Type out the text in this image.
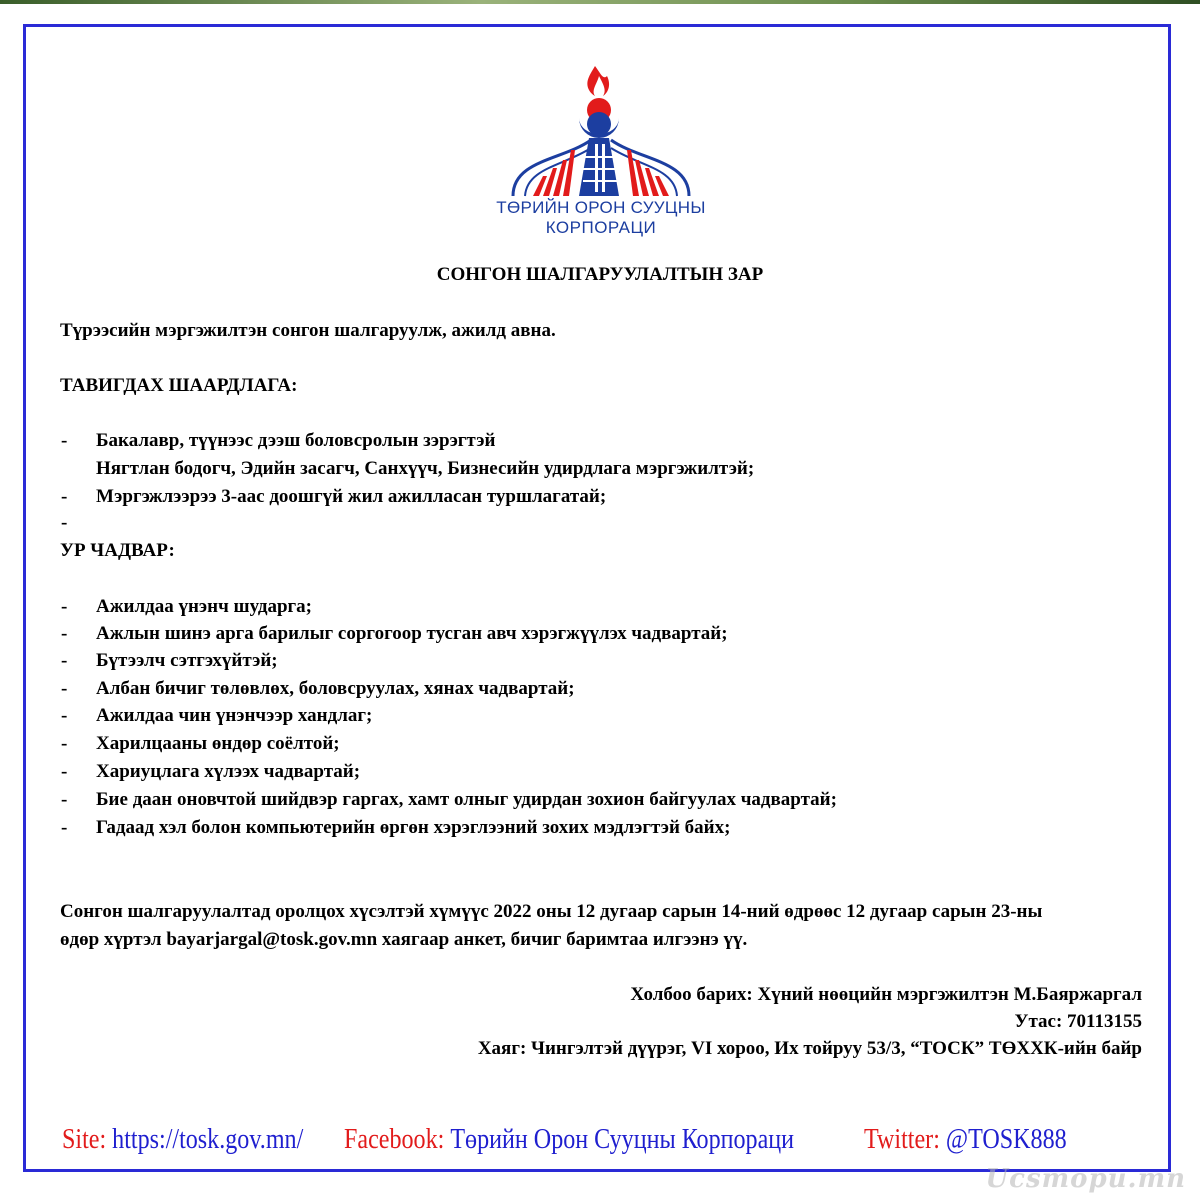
ТӨРИЙН ОРОН СУУЦНЫ
КОРПОРАЦИ
СОНГОН ШАЛГАРУУЛАЛТЫН ЗАР
Түрээсийн мэргэжилтэн сонгон шалгаруулж, ажилд авна.
ТАВИГДАХ ШААРДЛАГА:
- Бакалавр, түүнээс дээш боловсролын зэрэгтэй
Нягтлан бодогч, Эдийн засагч, Санхүүч, Бизнесийн удирдлага мэргэжилтэй;
- Мэргэжлээрээ 3-аас доошгүй жил ажилласан туршлагатай;
-
УР ЧАДВАР:
- Ажилдаа үнэнч шударга;
- Ажлын шинэ арга барилыг соргогоор тусган авч хэрэгжүүлэх чадвартай;
- Бүтээлч сэтгэхүйтэй;
- Албан бичиг төлөвлөх, боловсруулах, хянах чадвартай;
- Ажилдаа чин үнэнчээр хандлаг;
- Харилцааны өндөр соёлтой;
- Хариуцлага хүлээх чадвартай;
- Бие даан оновчтой шийдвэр гаргах, хамт олныг удирдан зохион байгуулах чадвартай;
- Гадаад хэл болон компьютерийн өргөн хэрэглээний зохих мэдлэгтэй байх;
Сонгон шалгаруулалтад оролцох хүсэлтэй хүмүүс 2022 оны 12 дугаар сарын 14-ний өдрөөс 12 дугаар сарын 23-ны
өдөр хүртэл bayarjargal@tosk.gov.mn хаягаар анкет, бичиг баримтаа илгээнэ үү.
Холбоо барих: Хүний нөөцийн мэргэжилтэн М.Баяржаргал
Утас: 70113155
Хаяг: Чингэлтэй дүүрэг, VI хороо, Их тойруу 53/3, “ТОСК” ТӨХХК-ийн байр
Site: https://tosk.gov.mn/ Facebook: Төрийн Орон Сууцны Корпораци Twitter: @TOSK888
Ucsmopu.mn
